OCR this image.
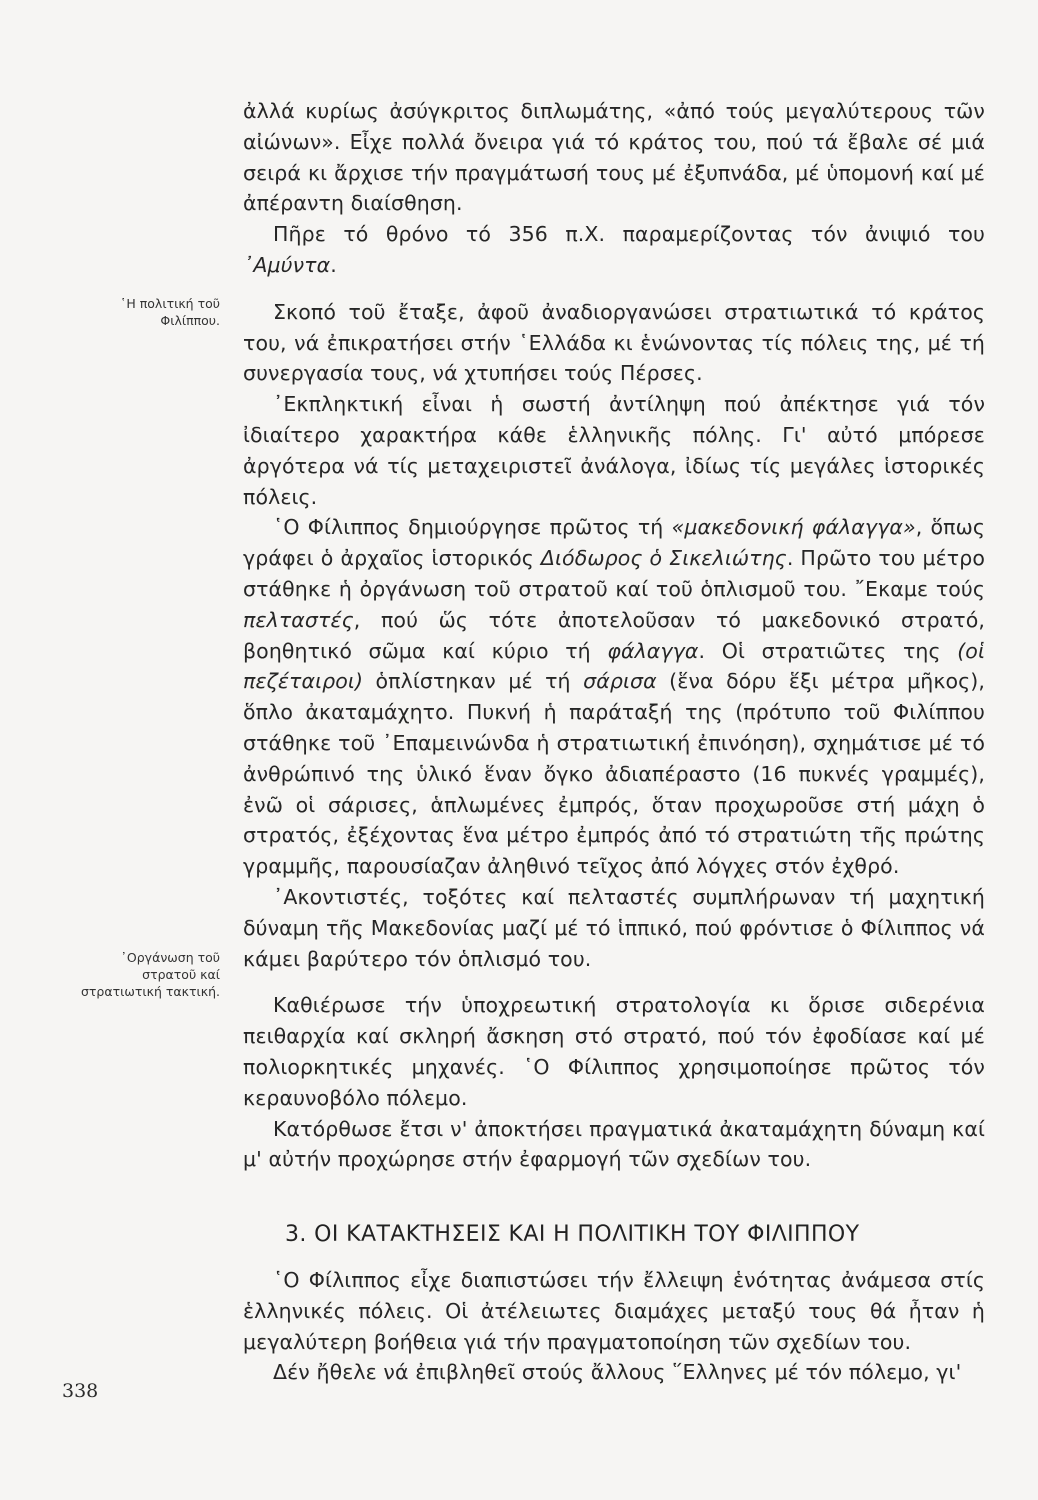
῾Η πολιτική τοῦ Φιλίππου.
᾿Οργάνωση τοῦ στρατοῦ καί στρατιωτική τακτική.

ἀλλά κυρίως ἀσύγκριτος διπλωμάτης, «ἀπό τούς μεγαλύτερους τῶν αἰώνων». Εἶχε πολλά ὄνειρα γιά τό κράτος του, πού τά ἔβαλε σέ μιά σειρά κι ἄρχισε τήν πραγμάτωσή τους μέ ἐξυπνάδα, μέ ὑπομονή καί μέ ἀπέραντη διαίσθηση.

Πῆρε τό θρόνο τό 356 π.Χ. παραμερίζοντας τόν ἀνιψιό του ᾿Αμύντα.

Σκοπό τοῦ ἔταξε, ἀφοῦ ἀναδιοργανώσει στρατιωτικά τό κράτος του, νά ἐπικρατήσει στήν ῾Ελλάδα κι ἑνώνοντας τίς πόλεις της, μέ τή συνεργασία τους, νά χτυπήσει τούς Πέρσες.

᾿Εκπληκτική εἶναι ἡ σωστή ἀντίληψη πού ἀπέκτησε γιά τόν ἰδιαίτερο χαρακτήρα κάθε ἑλληνικῆς πόλης. Γι' αὐτό μπόρεσε ἀργότερα νά τίς μεταχειριστεῖ ἀνάλογα, ἰδίως τίς μεγάλες ἱστορικές πόλεις.

῾Ο Φίλιππος δημιούργησε πρῶτος τή «μακεδονική φάλαγγα», ὅπως γράφει ὁ ἀρχαῖος ἱστορικός Διόδωρος ὁ Σικελιώτης. Πρῶτο του μέτρο στάθηκε ἡ ὀργάνωση τοῦ στρατοῦ καί τοῦ ὁπλισμοῦ του. ῎Εκαμε τούς πελταστές, πού ὥς τότε ἀποτελοῦσαν τό μακεδονικό στρατό, βοηθητικό σῶμα καί κύριο τή φάλαγγα. Οἱ στρατιῶτες της (οἱ πεζέταιροι) ὁπλίστηκαν μέ τή σάρισα (ἕνα δόρυ ἕξι μέτρα μῆκος), ὅπλο ἀκαταμάχητο. Πυκνή ἡ παράταξή της (πρότυπο τοῦ Φιλίππου στάθηκε τοῦ ᾿Επαμεινώνδα ἡ στρατιωτική ἐπινόηση), σχημάτισε μέ τό ἀνθρώπινό της ὑλικό ἕναν ὄγκο ἀδιαπέραστο (16 πυκνές γραμμές), ἐνῶ οἱ σάρισες, ἁπλωμένες ἐμπρός, ὅταν προχωροῦσε στή μάχη ὁ στρατός, ἐξέχοντας ἕνα μέτρο ἐμπρός ἀπό τό στρατιώτη τῆς πρώτης γραμμῆς, παρουσίαζαν ἀληθινό τεῖχος ἀπό λόγχες στόν ἐχθρό.

᾿Ακοντιστές, τοξότες καί πελταστές συμπλήρωναν τή μαχητική δύναμη τῆς Μακεδονίας μαζί μέ τό ἱππικό, πού φρόντισε ὁ Φίλιππος νά κάμει βαρύτερο τόν ὁπλισμό του.

Καθιέρωσε τήν ὑποχρεωτική στρατολογία κι ὅρισε σιδερένια πειθαρχία καί σκληρή ἄσκηση στό στρατό, πού τόν ἐφοδίασε καί μέ πολιορκητικές μηχανές. ῾Ο Φίλιππος χρησιμοποίησε πρῶτος τόν κεραυνοβόλο πόλεμο.

Κατόρθωσε ἔτσι ν' ἀποκτήσει πραγματικά ἀκαταμάχητη δύναμη καί μ' αὐτήν προχώρησε στήν ἐφαρμογή τῶν σχεδίων του.

3. ΟΙ ΚΑΤΑΚΤΗΣΕΙΣ ΚΑΙ Η ΠΟΛΙΤΙΚΗ ΤΟΥ ΦΙΛΙΠΠΟΥ

῾Ο Φίλιππος εἶχε διαπιστώσει τήν ἔλλειψη ἑνότητας ἀνάμεσα στίς ἑλληνικές πόλεις. Οἱ ἀτέλειωτες διαμάχες μεταξύ τους θά ἦταν ἡ μεγαλύτερη βοήθεια γιά τήν πραγματοποίηση τῶν σχεδίων του.

Δέν ἤθελε νά ἐπιβληθεῖ στούς ἄλλους ῞Ελληνες μέ τόν πόλεμο, γι'

338
